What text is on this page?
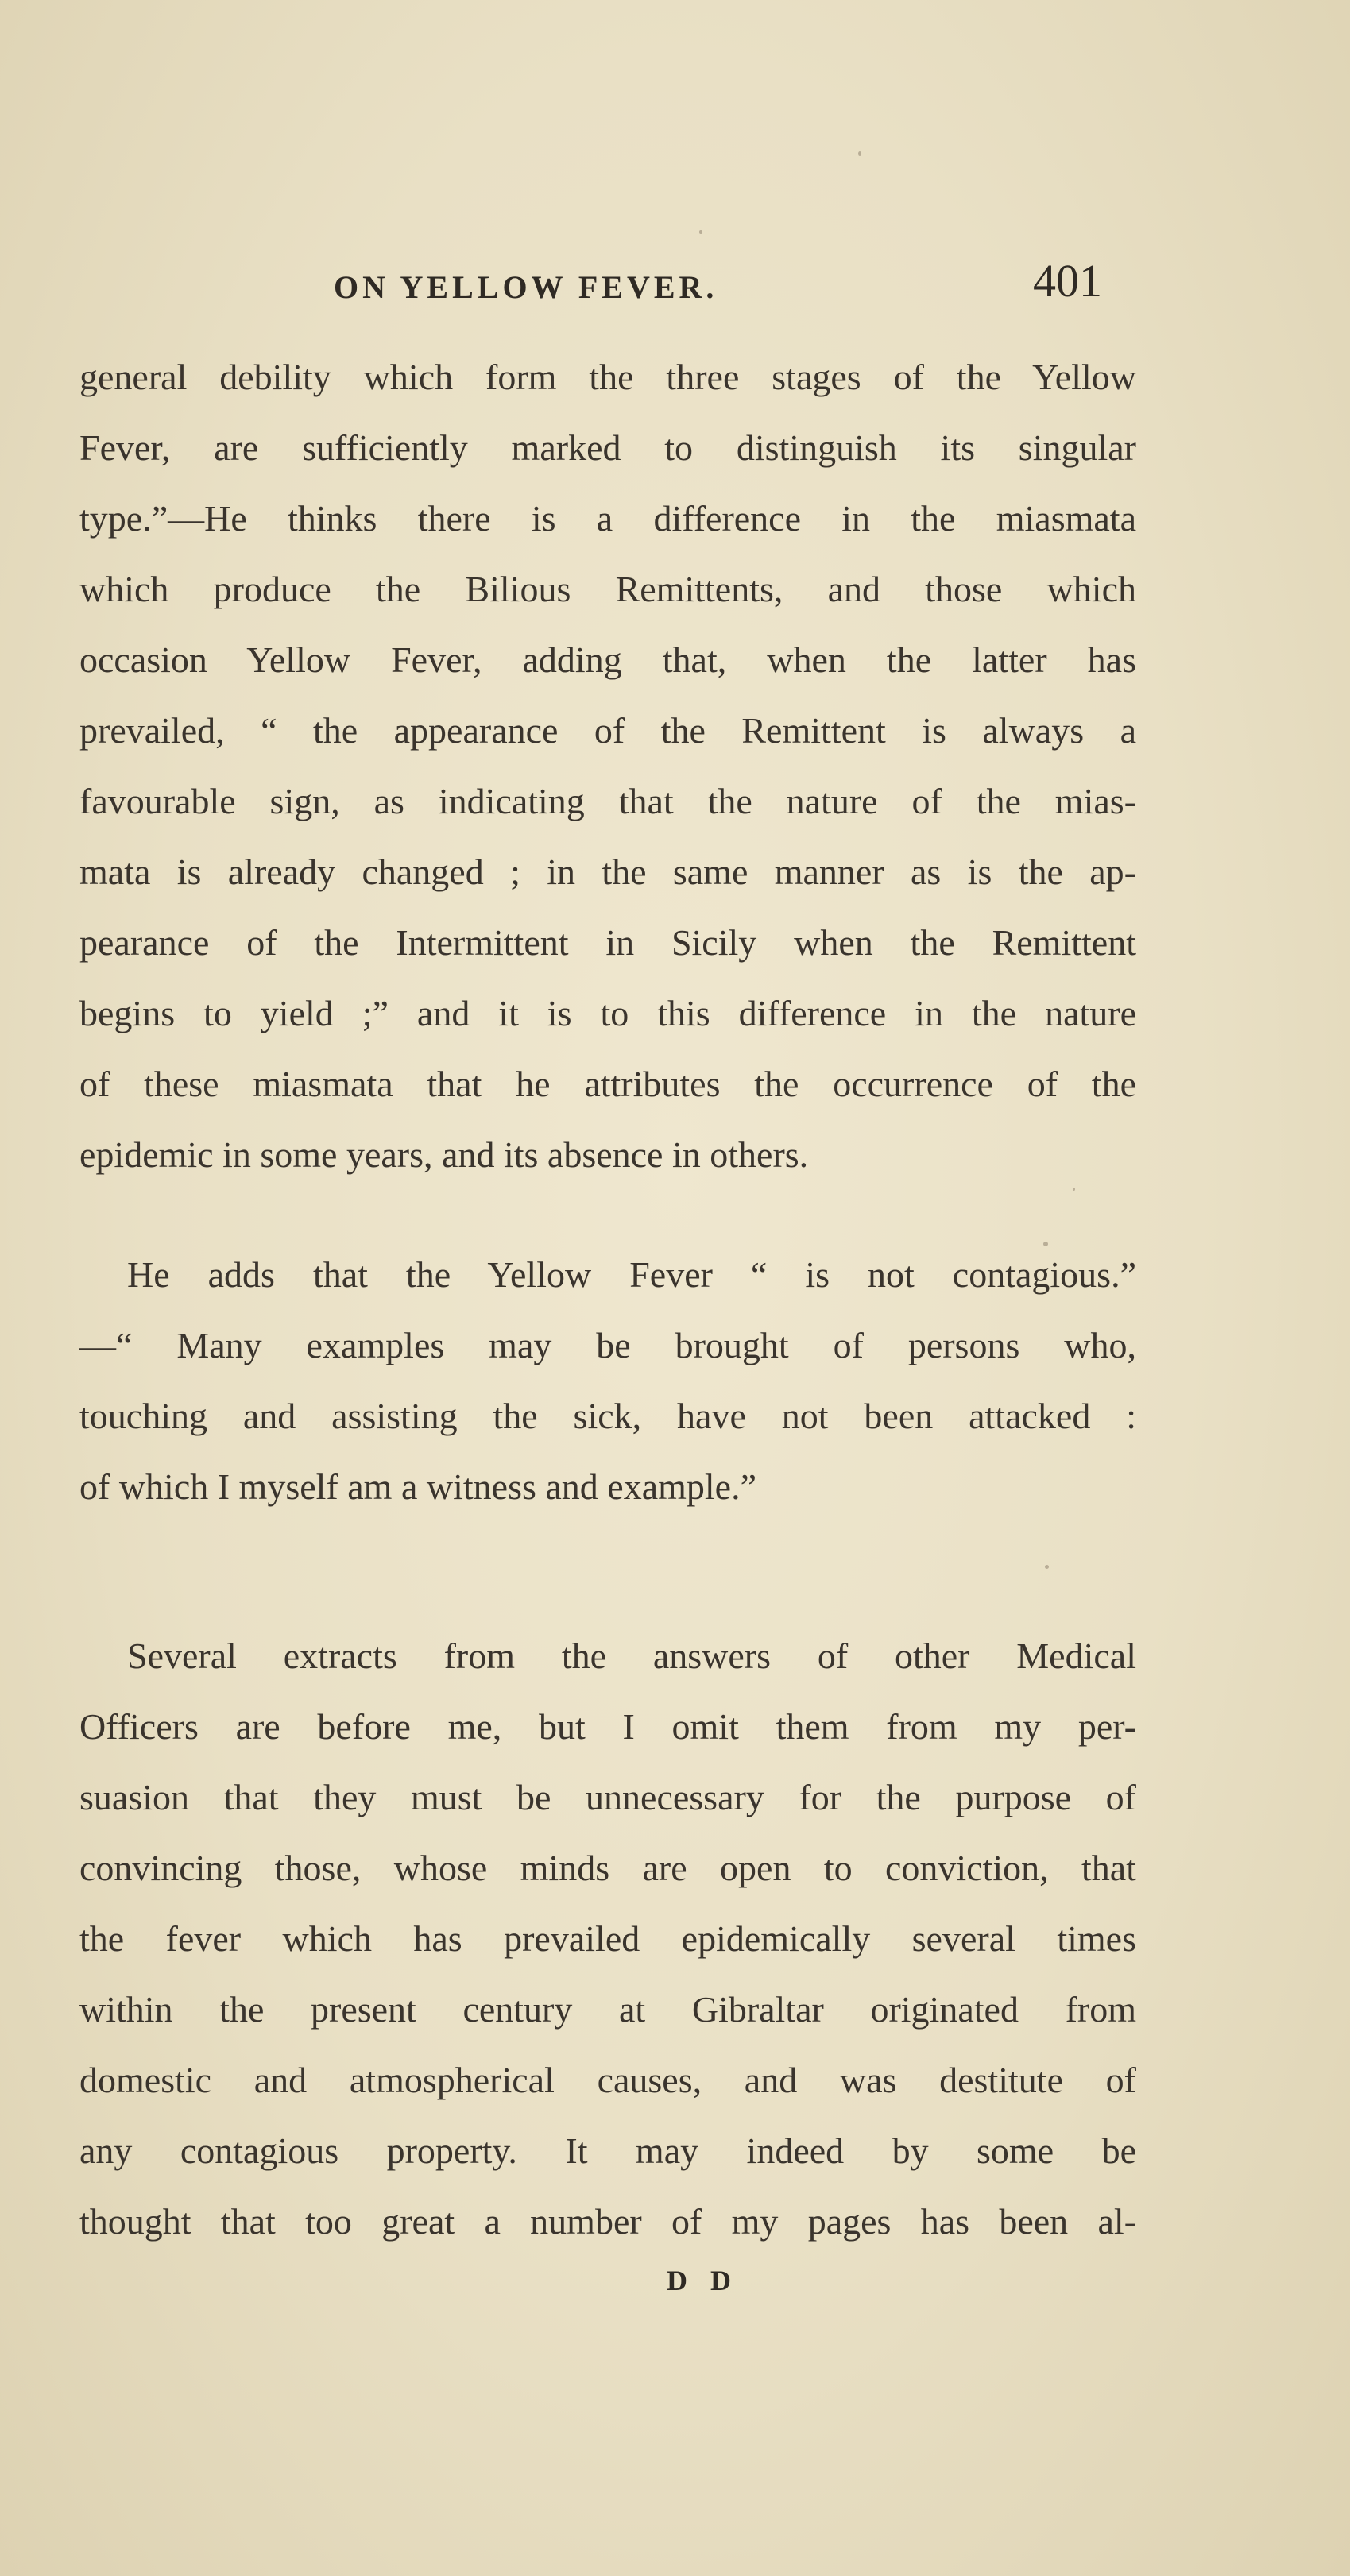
ON YELLOW FEVER.	401
general debility which form the three stages of the Yellow
Fever, are sufficiently marked to distinguish its singular
type.”—He thinks there is a difference in the miasmata
which produce the Bilious Remittents, and those which
occasion Yellow Fever, adding that, when the latter has
prevailed, “ the appearance of the Remittent is always a
favourable sign, as indicating that the nature of the mias-
mata is already changed ; in the same manner as is the ap-
pearance of the Intermittent in Sicily when the Remittent
begins to yield ;” and it is to this difference in the nature
of these miasmata that he attributes the occurrence of the
epidemic in some years, and its absence in others.
He adds that the Yellow Fever “ is not contagious.”
—“ Many examples may be brought of persons who,
touching and assisting the sick, have not been attacked :
of which I myself am a witness and example.”
Several extracts from the answers of other Medical
Officers are before me, but I omit them from my per-
suasion that they must be unnecessary for the purpose of
convincing those, whose minds are open to conviction, that
the fever which has prevailed epidemically several times
within the present century at Gibraltar originated from
domestic and atmospherical causes, and was destitute of
any contagious property. It may indeed by some be
thought that too great a number of my pages has been al-
D D
